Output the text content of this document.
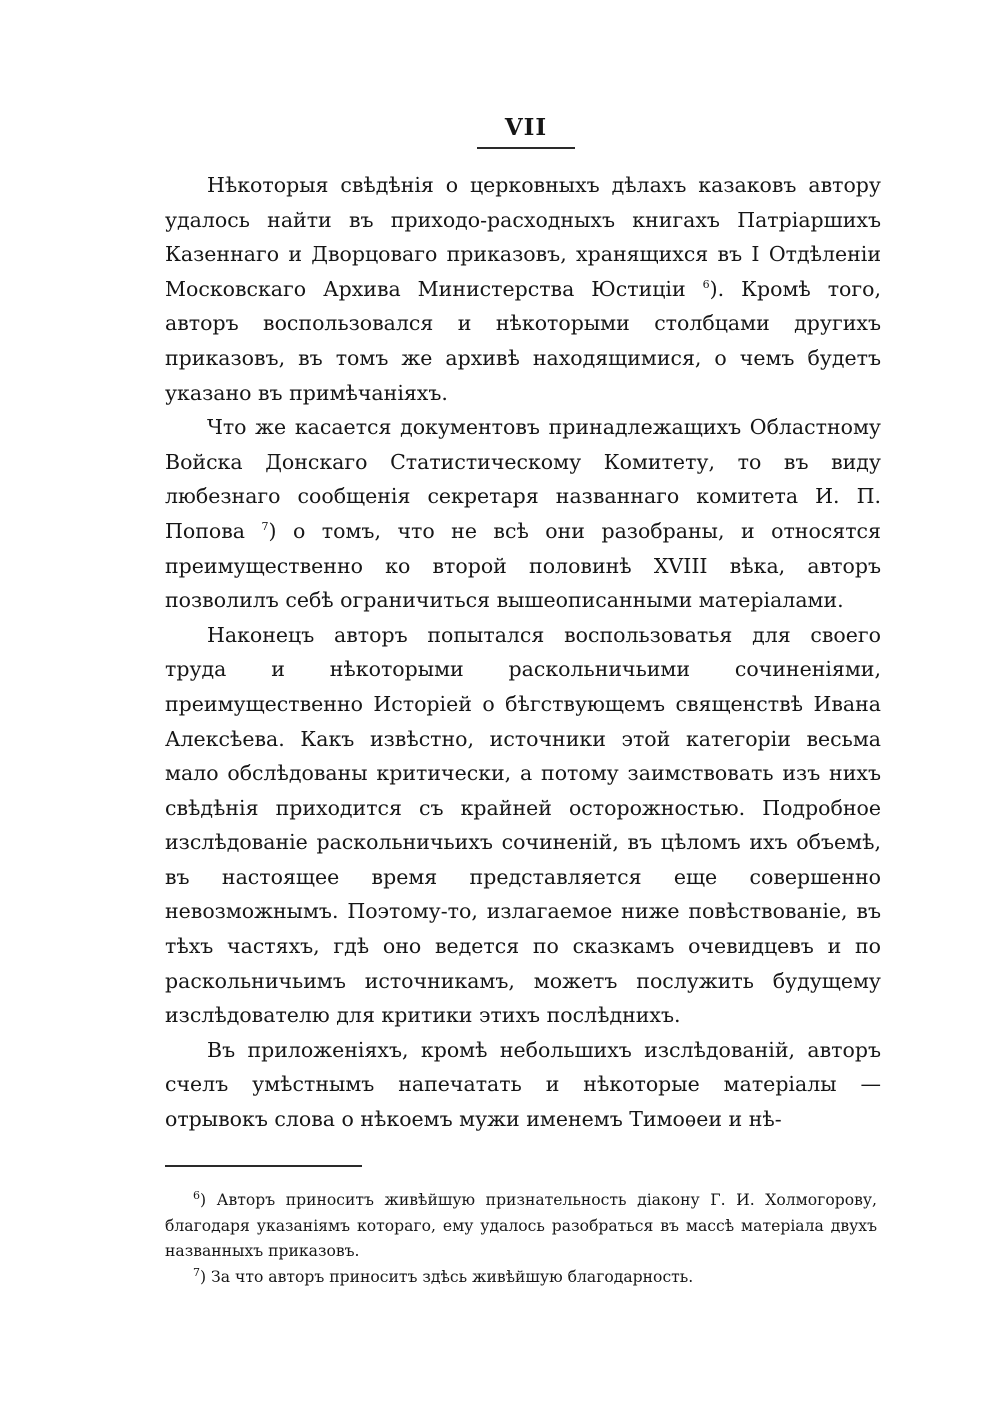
VII

Нѣкоторыя свѣдѣнія о церковныхъ дѣлахъ казаковъ автору удалось найти въ приходо-расходныхъ книгахъ Патріаршихъ Казеннаго и Дворцоваго приказовъ, хранящихся въ I Отдѣленіи Московскаго Архива Министерства Юстиціи $^6$). Кромѣ того, авторъ воспользовался и нѣкоторыми столбцами другихъ приказовъ, въ томъ же архивѣ находящимися, о чемъ будетъ указано въ примѣчаніяхъ.

Что же касается документовъ принадлежащихъ Областному Войска Донскаго Статистическому Комитету, то въ виду любезнаго сообщенія секретаря названнаго комитета И. П. Попова $^7$) о томъ, что не всѣ они разобраны, и относятся преимущественно ко второй половинѣ XVIII вѣка, авторъ позволилъ себѣ ограничиться вышеописанными матеріалами.

Наконецъ авторъ попытался воспользоватья для своего труда и нѣкоторыми раскольничьими сочиненіями, преимущественно Исторіей о бѣгствующемъ священствѣ Ивана Алексѣева. Какъ извѣстно, источники этой категоріи весьма мало обслѣдованы критически, а потому заимствовать изъ нихъ свѣдѣнія приходится съ крайней осторожностью. Подробное изслѣдованіе раскольничьихъ сочиненій, въ цѣломъ ихъ объемѣ, въ настоящее время представляется еще совершенно невозможнымъ. Поэтому-то, излагаемое ниже повѣствованіе, въ тѣхъ частяхъ, гдѣ оно ведется по сказкамъ очевидцевъ и по раскольничьимъ источникамъ, можетъ послужить будущему изслѣдователю для критики этихъ послѣднихъ.

Въ приложеніяхъ, кромѣ небольшихъ изслѣдованій, авторъ счелъ умѣстнымъ напечатать и нѣкоторые матеріалы — отрывокъ слова о нѣкоемъ мужи именемъ Тимоѳеи и нѣ-

$^6$) Авторъ приноситъ живѣйшую признательность діакону Г. И. Холмогорову, благодаря указаніямъ котораго, ему удалось разобраться въ массѣ матеріала двухъ названныхъ приказовъ.

$^7$) За что авторъ приноситъ здѣсь живѣйшую благодарность.
